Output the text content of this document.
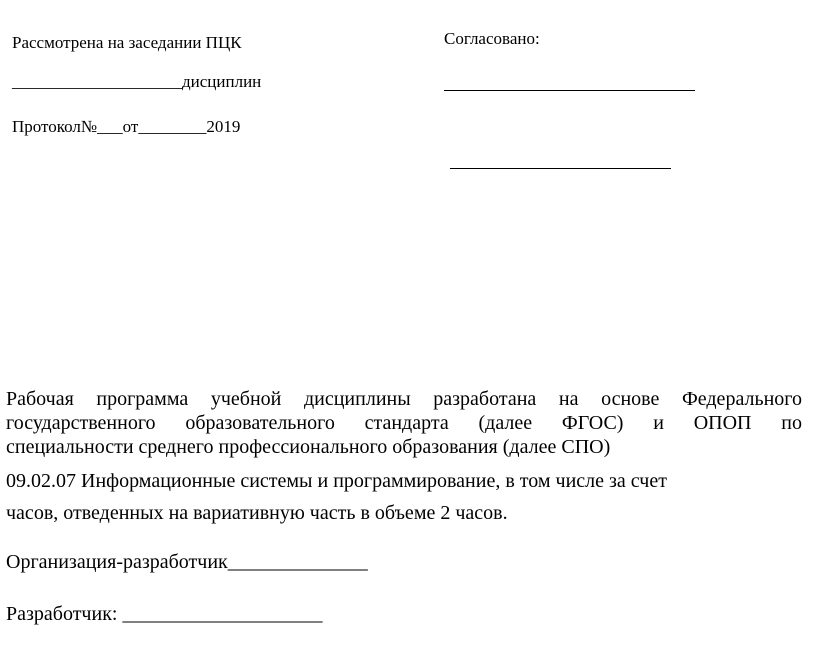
Рассмотрена на заседании ПЦК
____________________дисциплин
Протокол№___от________2019
Согласовано:
Рабочая программа учебной дисциплины разработана на основе Федерального
государственного образовательного стандарта (далее ФГОС) и ОПОП по
специальности среднего профессионального образования (далее СПО)
09.02.07 Информационные системы и программирование, в том числе за счет
часов, отведенных на вариативную часть в объеме 2 часов.
Организация-разработчик______________
Разработчик: ____________________
